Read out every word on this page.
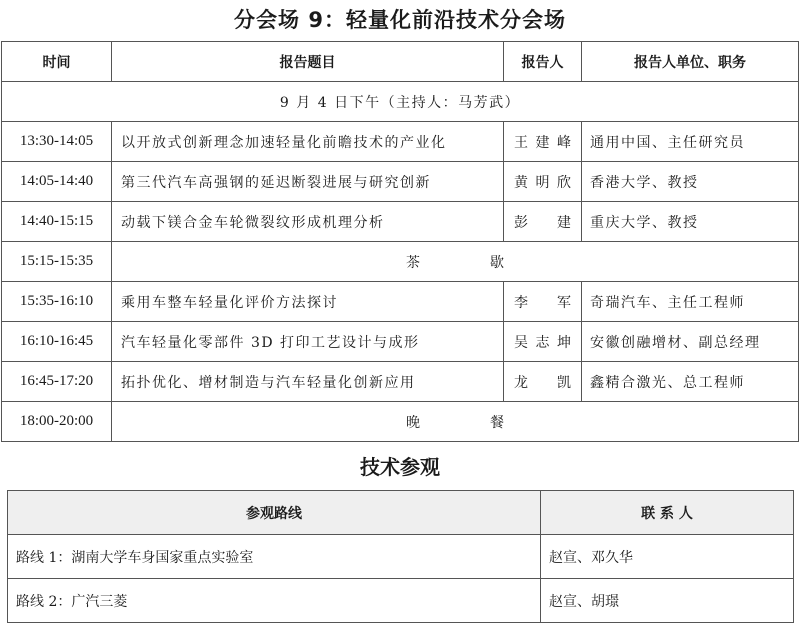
分会场 9：轻量化前沿技术分会场
时间	报告题目	报告人	报告人单位、职务
9 月 4 日下午（主持人：马芳武）			
13:30-14:05	以开放式创新理念加速轻量化前瞻技术的产业化	王建峰	通用中国、主任研究员
14:05-14:40	第三代汽车高强钢的延迟断裂进展与研究创新	黄明欣	香港大学、教授
14:40-15:15	动载下镁合金车轮微裂纹形成机理分析	彭建	重庆大学、教授
15:15-15:35	茶 歇		
15:35-16:10	乘用车整车轻量化评价方法探讨	李军	奇瑞汽车、主任工程师
16:10-16:45	汽车轻量化零部件 3D 打印工艺设计与成形	吴志坤	安徽创融增材、副总经理
16:45-17:20	拓扑优化、增材制造与汽车轻量化创新应用	龙凯	鑫精合激光、总工程师
18:00-20:00	晚 餐		
技术参观
参观路线	联 系 人
路线 1：湖南大学车身国家重点实验室	赵宣、邓久华
路线 2：广汽三菱	赵宣、胡璟
